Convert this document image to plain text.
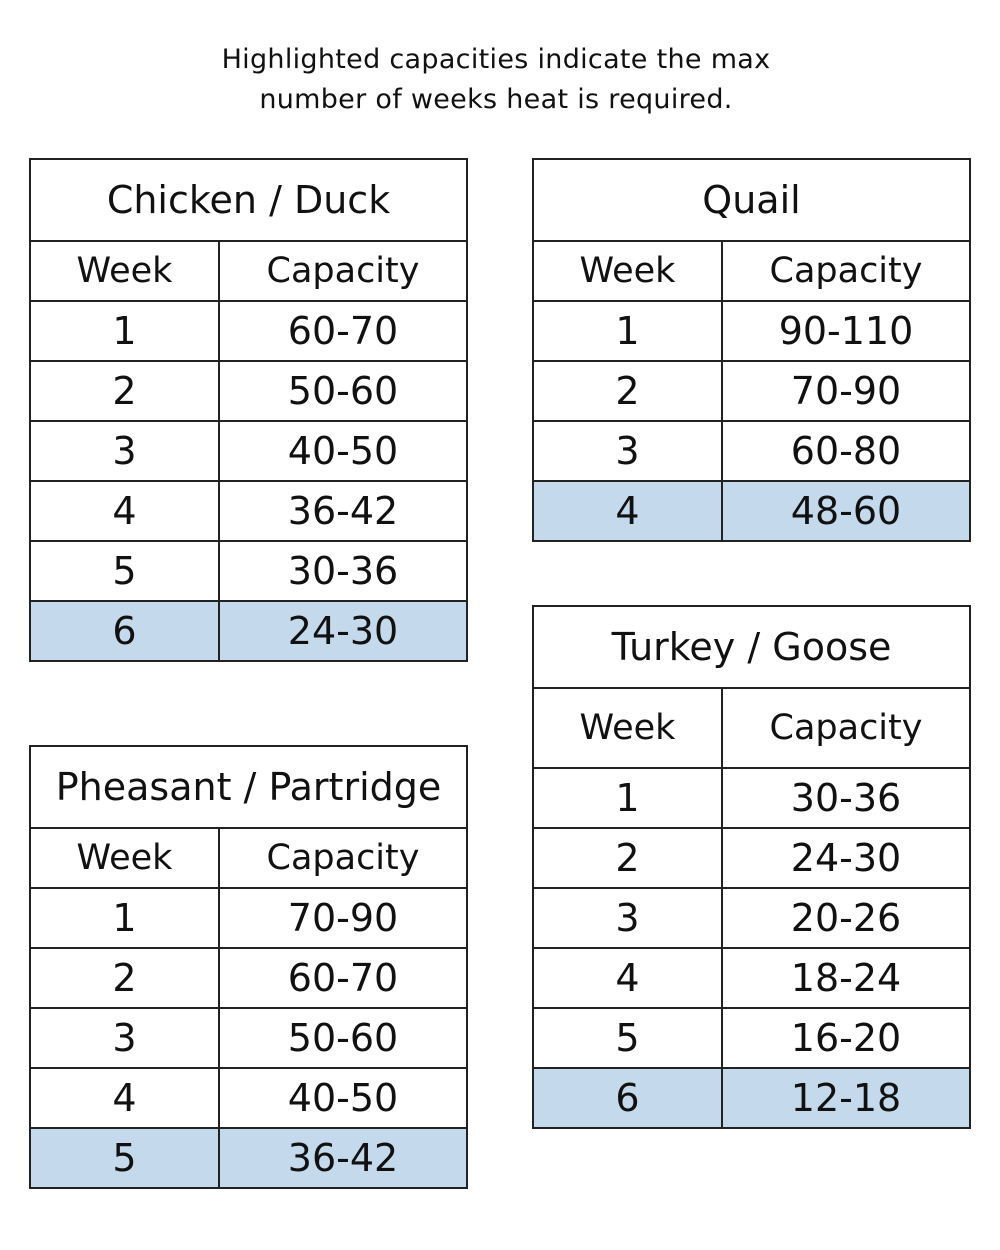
Highlighted capacities indicate the max
number of weeks heat is required.
Chicken / Duck	
Week	Capacity
1	60-70
2	50-60
3	40-50
4	36-42
5	30-36
6	24-30
Quail	
Week	Capacity
1	90-110
2	70-90
3	60-80
4	48-60
Pheasant / Partridge	
Week	Capacity
1	70-90
2	60-70
3	50-60
4	40-50
5	36-42
Turkey / Goose	
Week	Capacity
1	30-36
2	24-30
3	20-26
4	18-24
5	16-20
6	12-18
